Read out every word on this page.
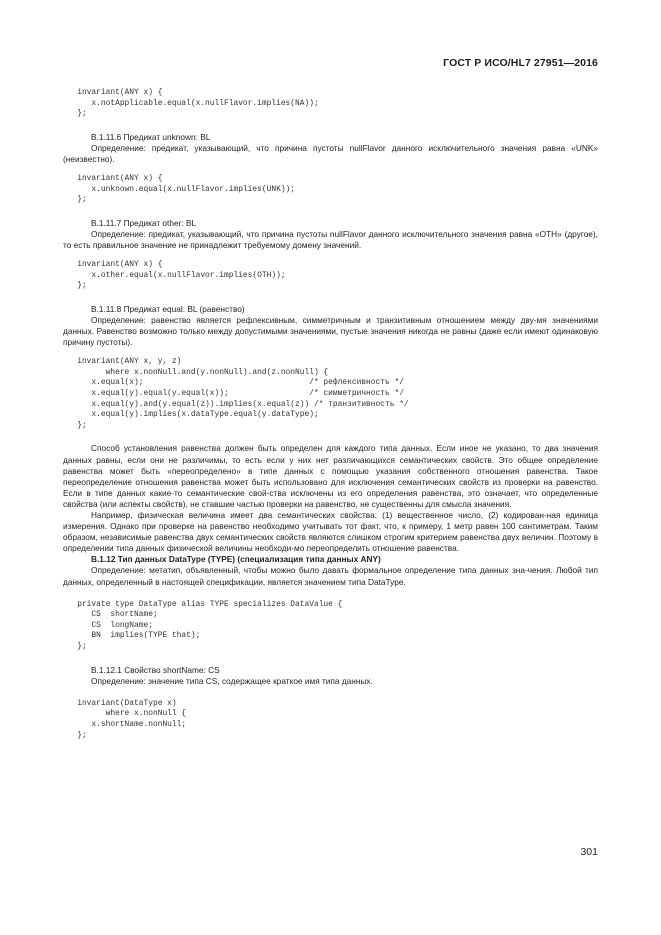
ГОСТ Р ИСО/HL7 27951—2016
invariant(ANY x) {
x.notApplicable.equal(x.nullFlavor.implies(NA));
};

В.1.11.6 Предикат unknown: BL

Определение: предикат, указывающий, что причина пустоты nullFlavor данного исключительного значения равна «UNK» (неизвестно).

invariant(ANY x) {
x.unknown.equal(x.nullFlavor.implies(UNK));
};

В.1.11.7 Предикат other: BL

Определение: предикат, указывающий, что причина пустоты nullFlavor данного исключительного значения равна «OTH» (другое), то есть правильное значение не принадлежит требуемому домену значений.

invariant(ANY x) {
x.other.equal(x.nullFlavor.implies(OTH));
};

В.1.11.8 Предикат equal: BL (равенство)

Определение: равенство является рефлексивным, симметричным и транзитивным отношением между дву-мя значениями данных. Равенство возможно только между допустимыми значениями, пустые значения никогда не равны (даже если имеют одинаковую причину пустоты).

invariant(ANY x, y, z)
where x.nonNull.and(y.nonNull).and(z.nonNull) {
x.equal(x);                                   /* рефлексивность */
x.equal(y).equal(y.equal(x));                 /* симметричность */
x.equal(y).and(y.equal(z)).implies(x.equal(z)) /* транзитивность */
x.equal(y).implies(x.dataType.equal(y.dataType);
};

Способ установления равенства должен быть определен для каждого типа данных. Если иное не указано, то два значения данных равны, если они не различимы, то есть если у них нет различающихся семантических свойств. Это общее определение равенства может быть «переопределено» в типе данных с помощью указания собственного отношения равенства. Такое переопределение отношения равенства может быть использовано для исключения семантических свойств из проверки на равенство. Если в типе данных какие-то семантические свой-ства исключены из его определения равенства, это означает, что определенные свойства (или аспекты свойств), не ставшие частью проверки на равенство, не существенны для смысла значения.

Например, физическая величина имеет два семантических свойства: (1) вещественное число, (2) кодирован-ная единица измерения. Однако при проверке на равенство необходимо учитывать тот факт, что, к примеру, 1 метр равен 100 сантиметрам. Таким образом, независимые равенства двух семантических свойств являются слишком строгим критерием равенства двух величин. Поэтому в определении типа данных физической величины необходи-мо переопределить отношение равенства.

В.1.12 Тип данных DataType (TYPE) (специализация типа данных ANY)

Определение: метатип, объявленный, чтобы можно было давать формальное определение типа данных зна-чения. Любой тип данных, определенный в настоящей спецификации, является значением типа DataType.

private type DataType alias TYPE specializes DataValue {
CS  shortName;
CS  longName;
BN  implies(TYPE that);
};

В.1.12.1 Свойство shortName: CS

Определение: значение типа CS, содержащее краткое имя типа данных.

invariant(DataType x)
where x.nonNull {
x.shortName.nonNull;
};
301
